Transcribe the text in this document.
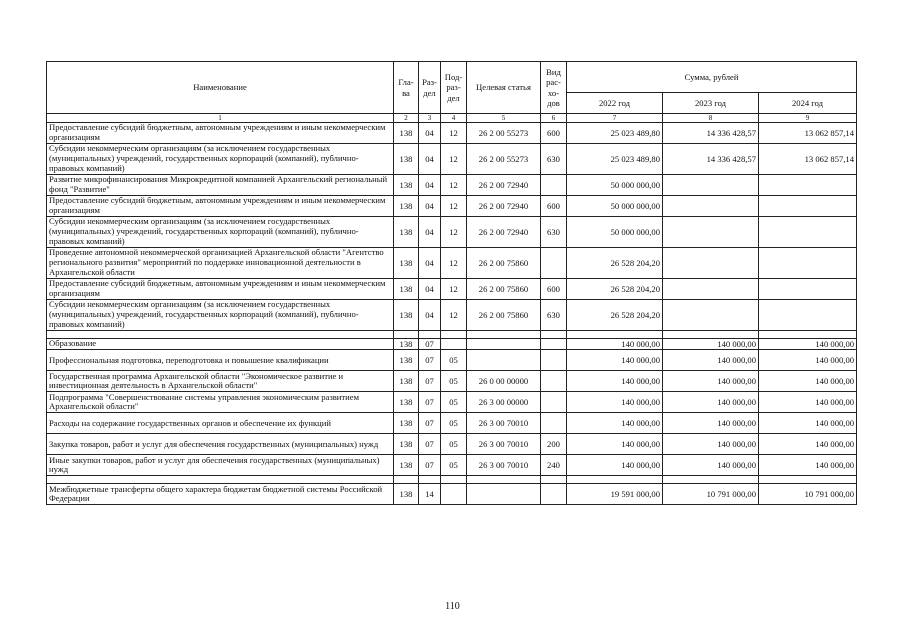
Наименование	Гла-ва	Раз-дел	Под-раз-дел	Целевая статья	Вид рас-хо-дов	Сумма, рублей		
						2022 год	2023 год	2024 год
1	2	3	4	5	6	7	8	9
Предоставление субсидий бюджетным, автономным учреждениям и иным некоммерческим организациям	138	04	12	26 2 00 55273	600	25 023 489,80	14 336 428,57	13 062 857,14
Субсидии некоммерческим организациям (за исключением государственных (муниципальных) учреждений, государственных корпораций (компаний), публично-правовых компаний)	138	04	12	26 2 00 55273	630	25 023 489,80	14 336 428,57	13 062 857,14
Развитие микрофинансирования Микрокредитной компанией Архангельский региональный фонд "Развитие"	138	04	12	26 2 00 72940		50 000 000,00		
Предоставление субсидий бюджетным, автономным учреждениям и иным некоммерческим организациям	138	04	12	26 2 00 72940	600	50 000 000,00		
Субсидии некоммерческим организациям (за исключением государственных (муниципальных) учреждений, государственных корпораций (компаний), публично-правовых компаний)	138	04	12	26 2 00 72940	630	50 000 000,00		
Проведение автономной некоммерческой организацией Архангельской области "Агентство регионального развития" мероприятий по поддержке инновационной деятельности в Архангельской области	138	04	12	26 2 00 75860		26 528 204,20		
Предоставление субсидий бюджетным, автономным учреждениям и иным некоммерческим организациям	138	04	12	26 2 00 75860	600	26 528 204,20		
Субсидии некоммерческим организациям (за исключением государственных (муниципальных) учреждений, государственных корпораций (компаний), публично-правовых компаний)	138	04	12	26 2 00 75860	630	26 528 204,20		

Образование	138	07				140 000,00	140 000,00	140 000,00
Профессиональная подготовка, переподготовка и повышение квалификации	138	07	05			140 000,00	140 000,00	140 000,00
Государственная программа Архангельской области "Экономическое развитие и инвестиционная деятельность в Архангельской области"	138	07	05	26 0 00 00000		140 000,00	140 000,00	140 000,00
Подпрограмма "Совершенствование системы управления экономическим развитием Архангельской области"	138	07	05	26 3 00 00000		140 000,00	140 000,00	140 000,00
Расходы на содержание государственных органов и обеспечение их функций	138	07	05	26 3 00 70010		140 000,00	140 000,00	140 000,00
Закупка товаров, работ и услуг для обеспечения государственных (муниципальных) нужд	138	07	05	26 3 00 70010	200	140 000,00	140 000,00	140 000,00
Иные закупки товаров, работ и услуг для обеспечения государственных (муниципальных) нужд	138	07	05	26 3 00 70010	240	140 000,00	140 000,00	140 000,00

Межбюджетные трансферты общего характера бюджетам бюджетной системы Российской Федерации	138	14				19 591 000,00	10 791 000,00	10 791 000,00
110
